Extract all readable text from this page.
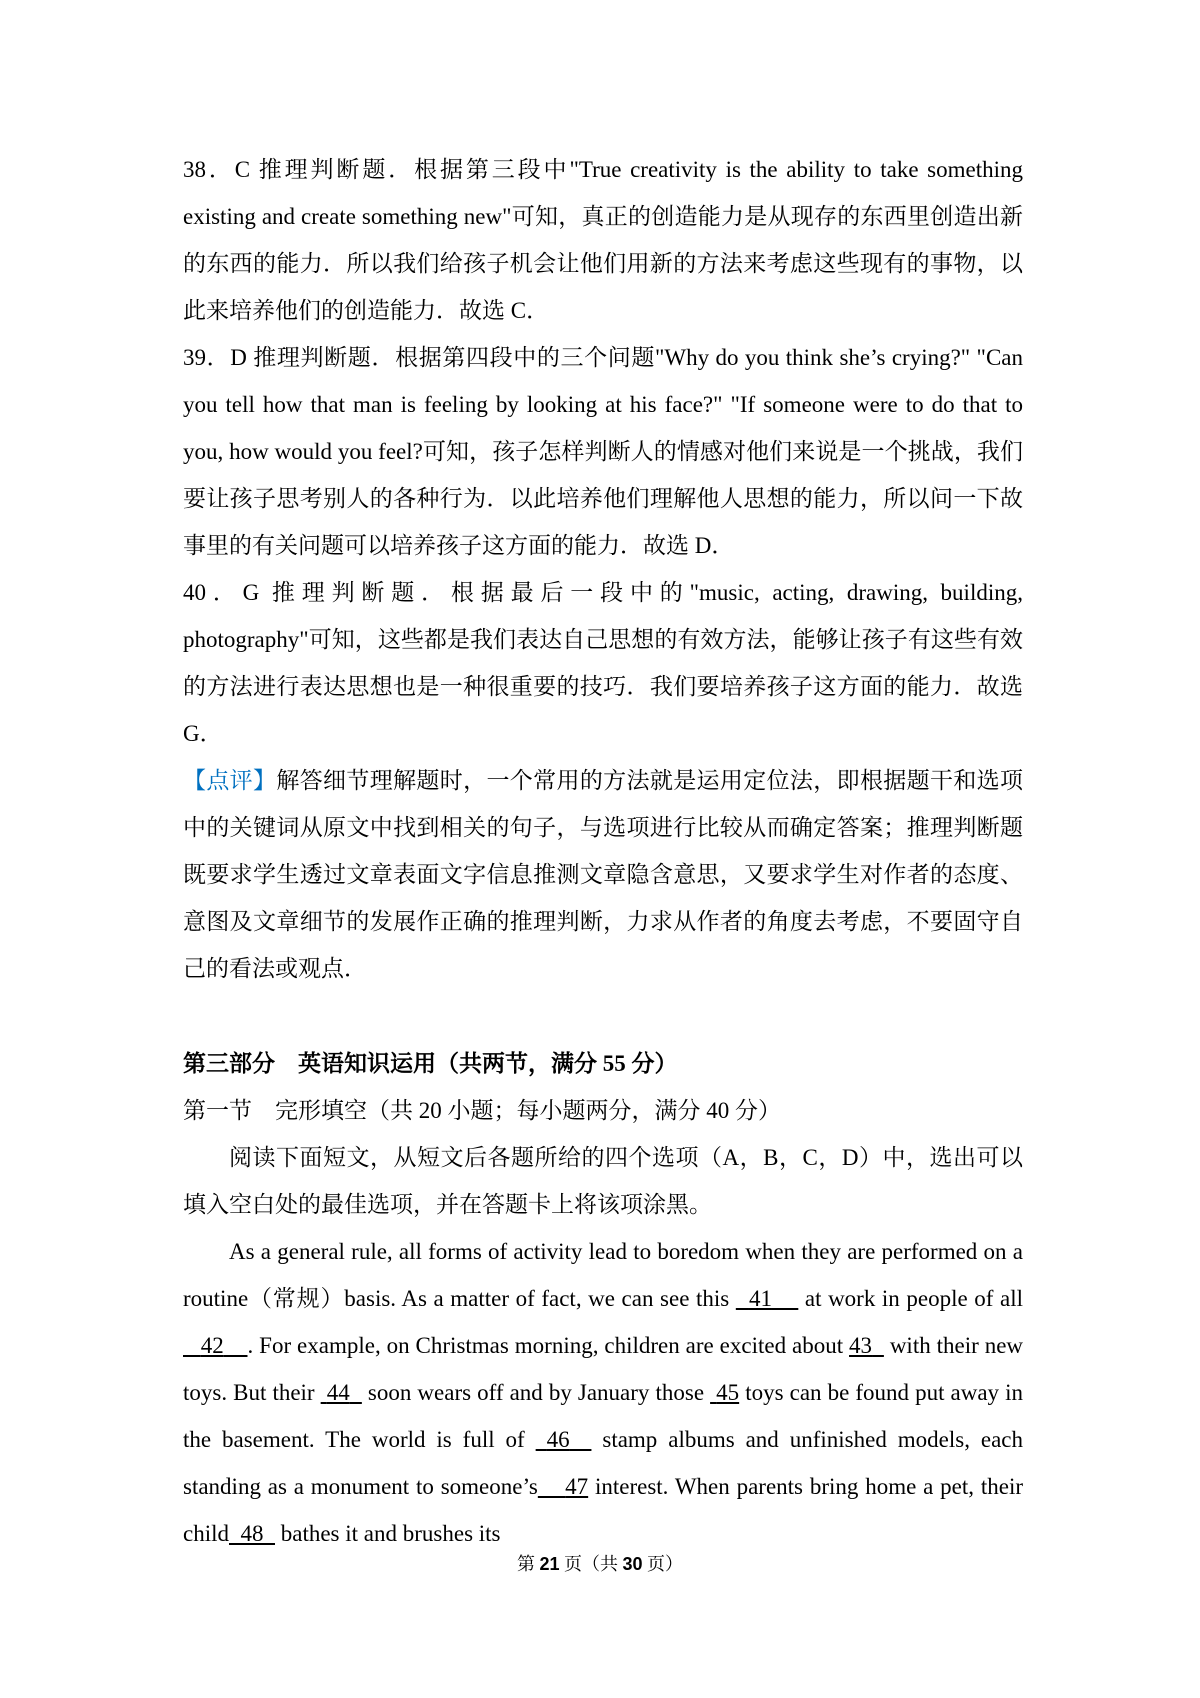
38．C 推理判断题．根据第三段中"True creativity is the ability to take something existing and create something new"可知，真正的创造能力是从现存的东西里创造出新的东西的能力．所以我们给孩子机会让他们用新的方法来考虑这些现有的事物，以此来培养他们的创造能力．故选 C．

39．D 推理判断题．根据第四段中的三个问题"Why do you think she’s crying?" "Can you tell how that man is feeling by looking at his face?" "If someone were to do that to you, how would you feel?可知，孩子怎样判断人的情感对他们来说是一个挑战，我们要让孩子思考别人的各种行为．以此培养他们理解他人思想的能力，所以问一下故事里的有关问题可以培养孩子这方面的能力．故选 D．

40．G 推理判断题．根据最后一段中的"music, acting, drawing, building, photography"可知，这些都是我们表达自己思想的有效方法，能够让孩子有这些有效的方法进行表达思想也是一种很重要的技巧．我们要培养孩子这方面的能力．故选 G．

【点评】解答细节理解题时，一个常用的方法就是运用定位法，即根据题干和选项中的关键词从原文中找到相关的句子，与选项进行比较从而确定答案；推理判断题既要求学生透过文章表面文字信息推测文章隐含意思，又要求学生对作者的态度、意图及文章细节的发展作正确的推理判断，力求从作者的角度去考虑，不要固守自己的看法或观点．

第三部分　英语知识运用（共两节，满分 55 分）

第一节　完形填空（共 20 小题；每小题两分，满分 40 分）

阅读下面短文，从短文后各题所给的四个选项（A，B，C，D）中，选出可以填入空白处的最佳选项，并在答题卡上将该项涂黑。

As a general rule, all forms of activity lead to boredom when they are performed on a routine（常规）basis. As a matter of fact, we can see this   41     at work in people of all   42 . For example, on Christmas morning, children are excited about 43   with their new toys. But their  44   soon wears off and by January those  45 toys can be found put away in the basement. The world is full of  46   stamp albums and unfinished models, each standing as a monument to someone’s 47 interest. When parents bring home a pet, their child 48   bathes it and brushes its

第 21 页（共 30 页）
